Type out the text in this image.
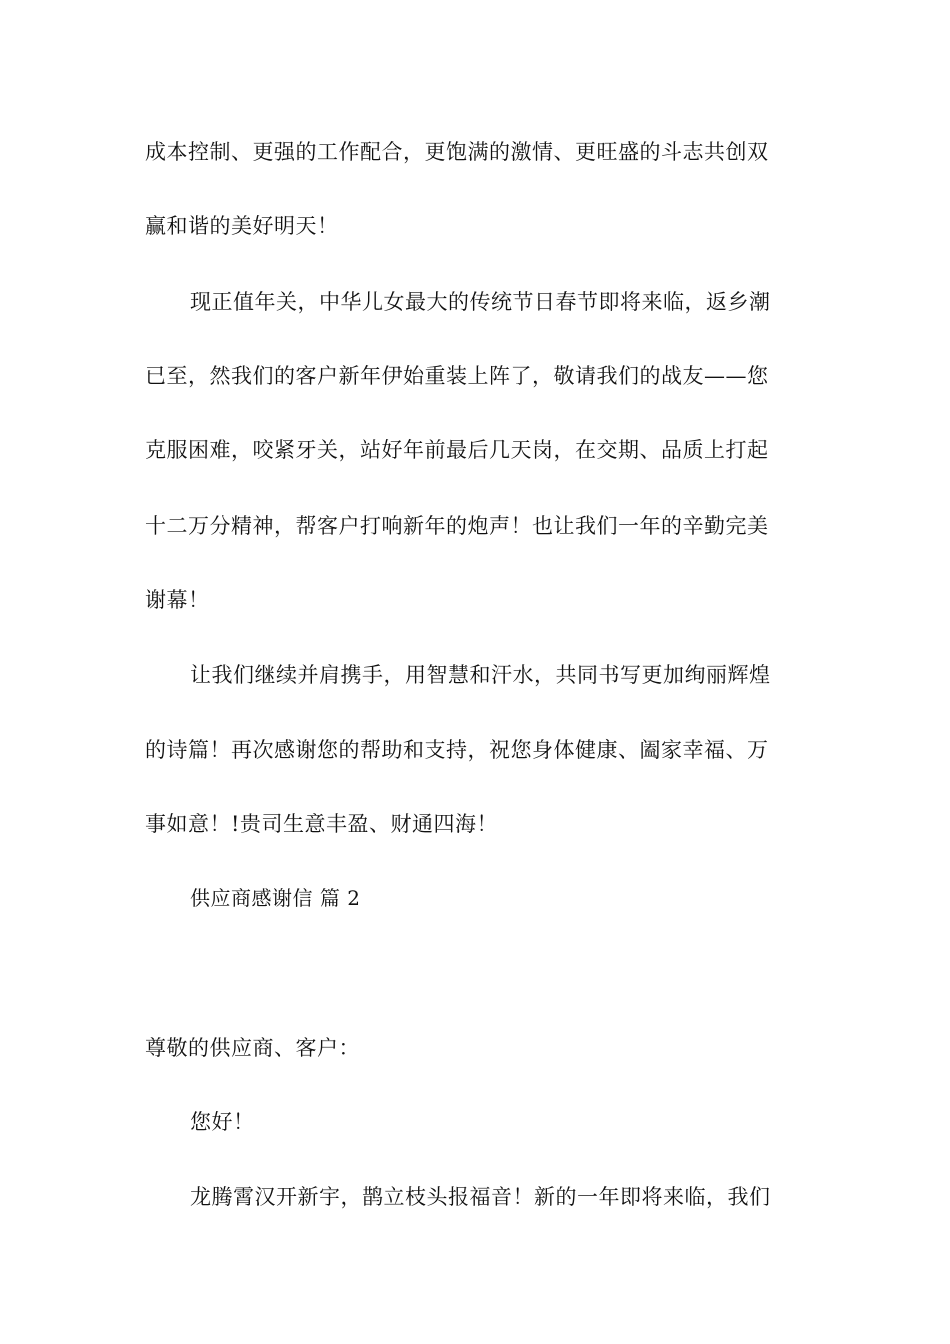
成本控制、更强的工作配合，更饱满的激情、更旺盛的斗志共创双
赢和谐的美好明天！
现正值年关，中华儿女最大的传统节日春节即将来临，返乡潮
已至，然我们的客户新年伊始重装上阵了，敬请我们的战友——您
克服困难，咬紧牙关，站好年前最后几天岗，在交期、品质上打起
十二万分精神，帮客户打响新年的炮声！也让我们一年的辛勤完美
谢幕！
让我们继续并肩携手，用智慧和汗水，共同书写更加绚丽辉煌
的诗篇！再次感谢您的帮助和支持，祝您身体健康、阖家幸福、万
事如意！!贵司生意丰盈、财通四海！
供应商感谢信 篇 2
尊敬的供应商、客户：
您好！
龙腾霄汉开新宇，鹊立枝头报福音！新的一年即将来临，我们
